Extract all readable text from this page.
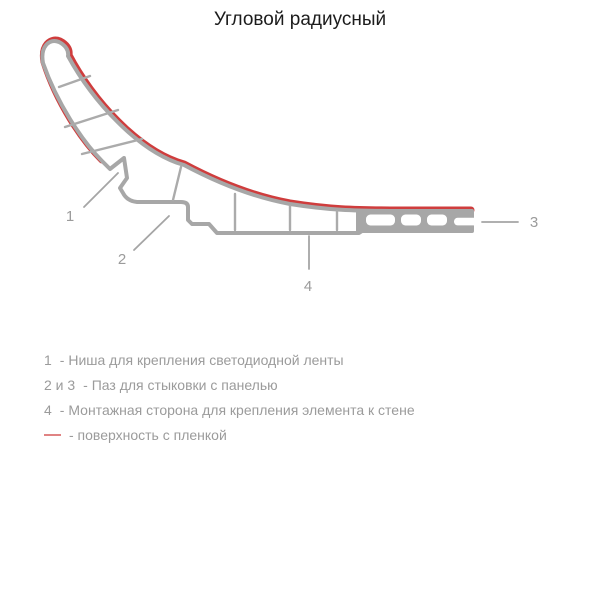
Угловой радиусный
1
2
3
4
1 - Ниша для крепления светодиодной ленты
2 и 3 - Паз для стыковки с панелью
4 - Монтажная сторона для крепления элемента к стене
- поверхность с пленкой
